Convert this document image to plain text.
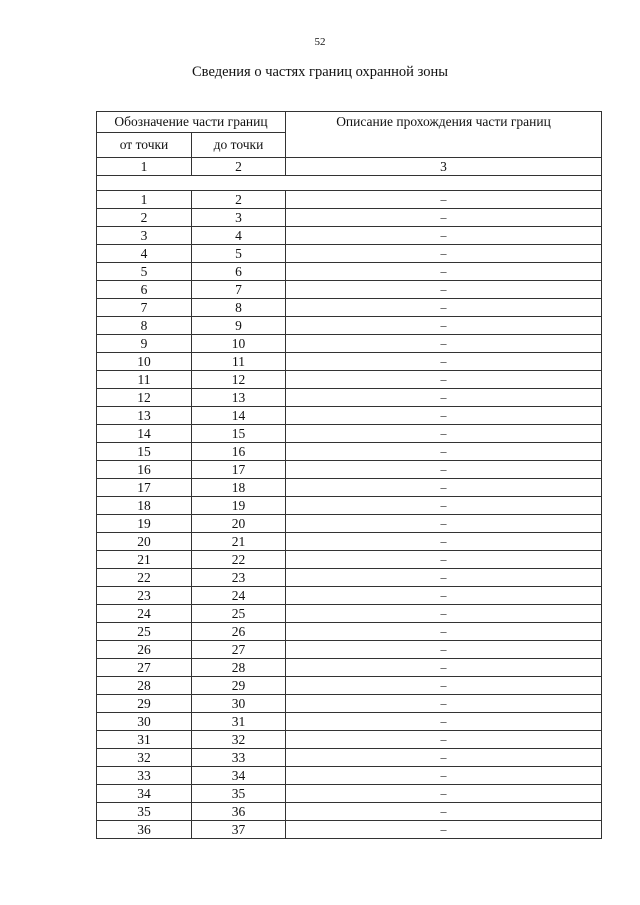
52
Сведения о частях границ охранной зоны
Обозначение части границ		Описание прохождения части границ
от точки	до точки	
1	2	3

1	2	–
2	3	–
3	4	–
4	5	–
5	6	–
6	7	–
7	8	–
8	9	–
9	10	–
10	11	–
11	12	–
12	13	–
13	14	–
14	15	–
15	16	–
16	17	–
17	18	–
18	19	–
19	20	–
20	21	–
21	22	–
22	23	–
23	24	–
24	25	–
25	26	–
26	27	–
27	28	–
28	29	–
29	30	–
30	31	–
31	32	–
32	33	–
33	34	–
34	35	–
35	36	–
36	37	–
